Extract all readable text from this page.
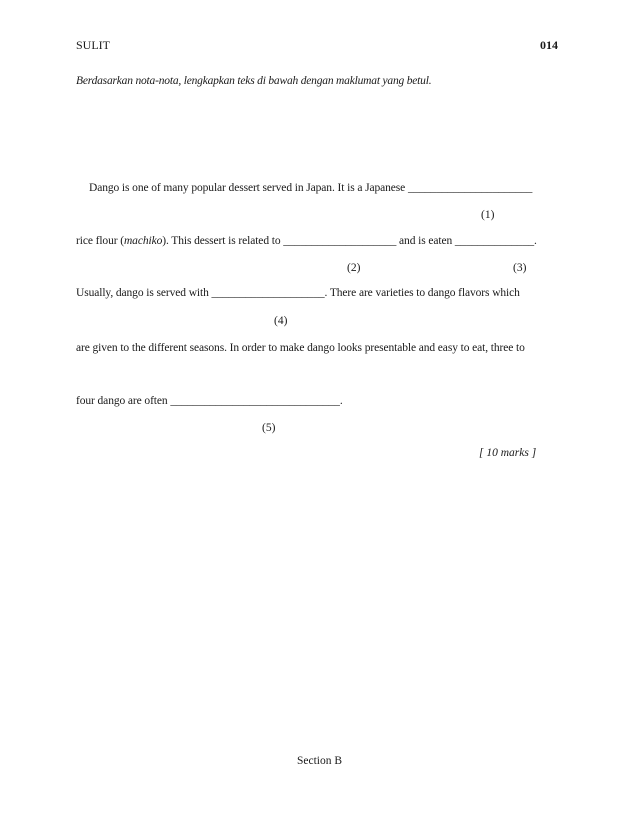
SULIT	014
Berdasarkan nota-nota, lengkapkan teks di bawah dengan maklumat yang betul.
Dango is one of many popular dessert served in Japan. It is a Japanese ______________________
(1)
rice flour (machiko). This dessert is related to ____________________ and is eaten ______________.
(2)	(3)
Usually, dango is served with ____________________. There are varieties to dango flavors which
(4)
are given to the different seasons. In order to make dango looks presentable and easy to eat, three to
four dango are often ______________________________.
(5)
[ 10 marks ]
Section B
